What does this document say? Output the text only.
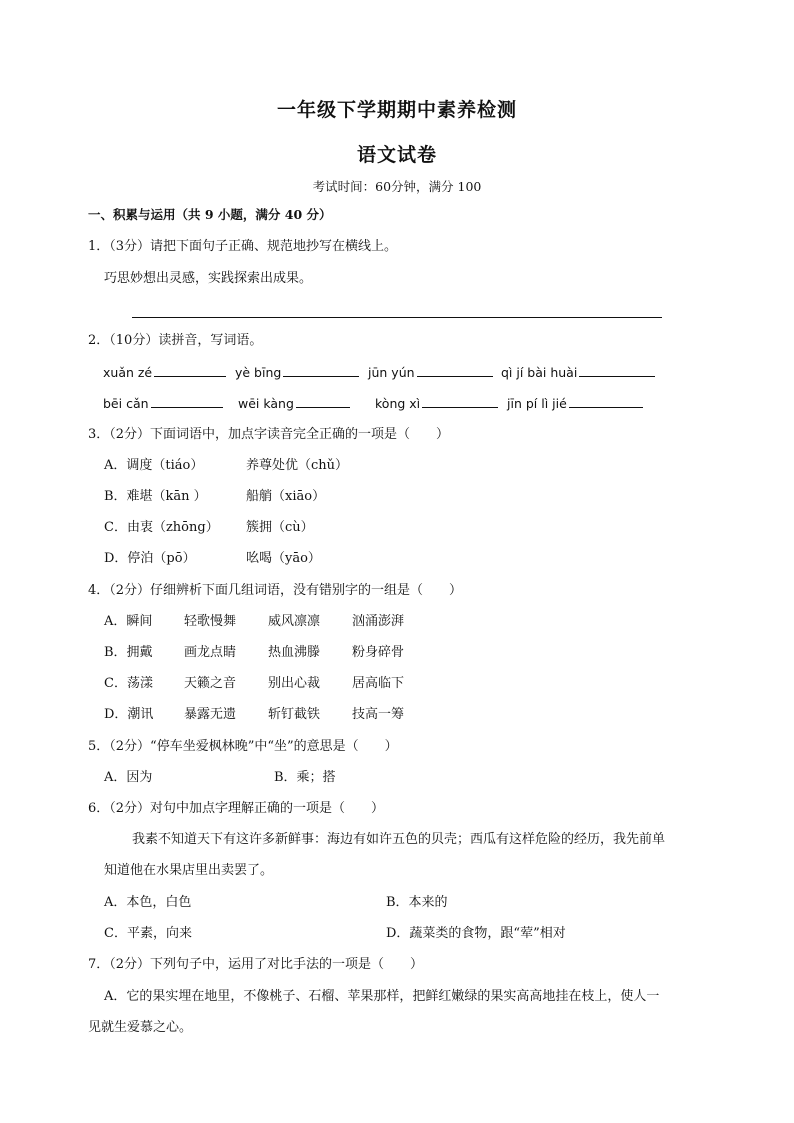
一年级下学期期中素养检测
语文试卷
考试时间：60分钟，满分 100
一、积累与运用（共 9 小题，满分 40 分）
1．（3分）请把下面句子正确、规范地抄写在横线上。
巧思妙想出灵感，实践探索出成果。
2．（10分）读拼音，写词语。
xuǎn zé	yè bīng	jūn yún	qì jí bài huài
bēi cǎn	wēi kàng	kòng xì	jīn pí lì jié
3．（2分）下面词语中，加点字读音完全正确的一项是（　　）
A．调度（tiáo）	养尊处优（chǔ）
B．难堪（kān ）	船艄（xiāo）
C．由衷（zhōng） 簇拥（cù）
D．停泊（pō）	吆喝（yāo）
4．（2分）仔细辨析下面几组词语，没有错别字的一组是（　　）
A．瞬间 轻歌慢舞 威风凛凛 汹涌澎湃
B．拥戴 画龙点睛 热血沸滕 粉身碎骨
C．荡漾 天籁之音 别出心裁 居高临下
D．潮讯 暴露无遗 斩钉截铁 技高一筹
5．（2分）“停车坐爱枫林晚”中“坐”的意思是（　　）
A．因为	B．乘；搭
6．（2分）对句中加点字理解正确的一项是（　　）
我素不知道天下有这许多新鲜事：海边有如许五色的贝壳；西瓜有这样危险的经历，我先前单
知道他在水果店里出卖罢了。
A．本色，白色	B．本来的
C．平素，向来	D．蔬菜类的食物，跟“荤”相对
7．（2分）下列句子中，运用了对比手法的一项是（　　）
A．它的果实埋在地里，不像桃子、石榴、苹果那样，把鲜红嫩绿的果实高高地挂在枝上，使人一
见就生爱慕之心。
